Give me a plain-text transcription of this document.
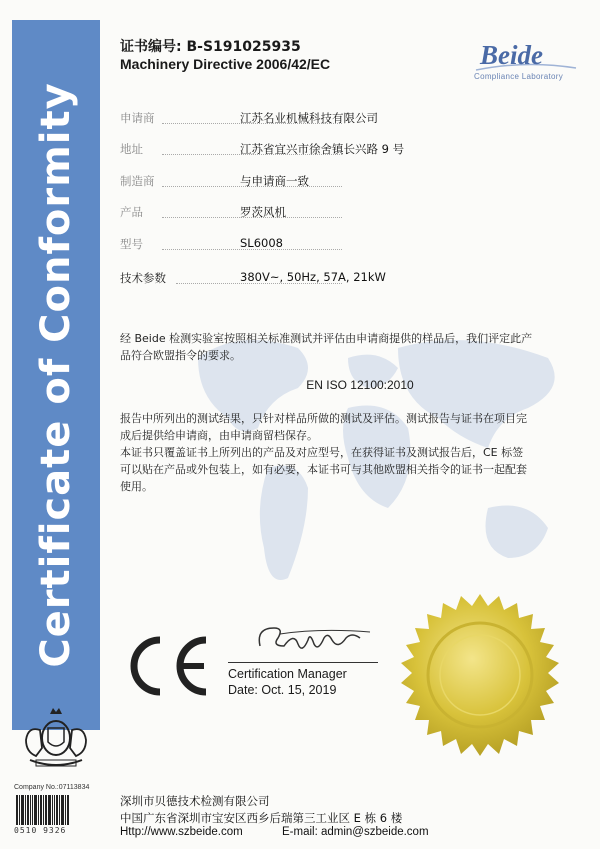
Certificate of Conformity
Company No.:07113834
0510 9326
证书编号: B-S191025935
Machinery Directive 2006/42/EC	Beide
Compliance Laboratory
申请商	江苏名业机械科技有限公司
地址	江苏省宜兴市徐舍镇长兴路 9 号
制造商	与申请商一致
产品	罗茨风机
型号	SL6008
技术参数	380V~, 50Hz, 57A, 21kW
经 Beide 检测实验室按照相关标准测试并评估由申请商提供的样品后，我们评定此产
品符合欧盟指令的要求。
EN ISO 12100:2010
报告中所列出的测试结果，只针对样品所做的测试及评估。测试报告与证书在项目完
成后提供给申请商，由申请商留档保存。
本证书只覆盖证书上所列出的产品及对应型号，在获得证书及测试报告后，CE 标签
可以贴在产品或外包装上，如有必要，本证书可与其他欧盟相关指令的证书一起配套
使用。
CE
Certification Manager
Date: Oct. 15, 2019
深圳市贝德技术检测有限公司
中国广东省深圳市宝安区西乡后瑞第三工业区 E 栋 6 楼
Http://www.szbeide.com	E-mail: admin@szbeide.com
